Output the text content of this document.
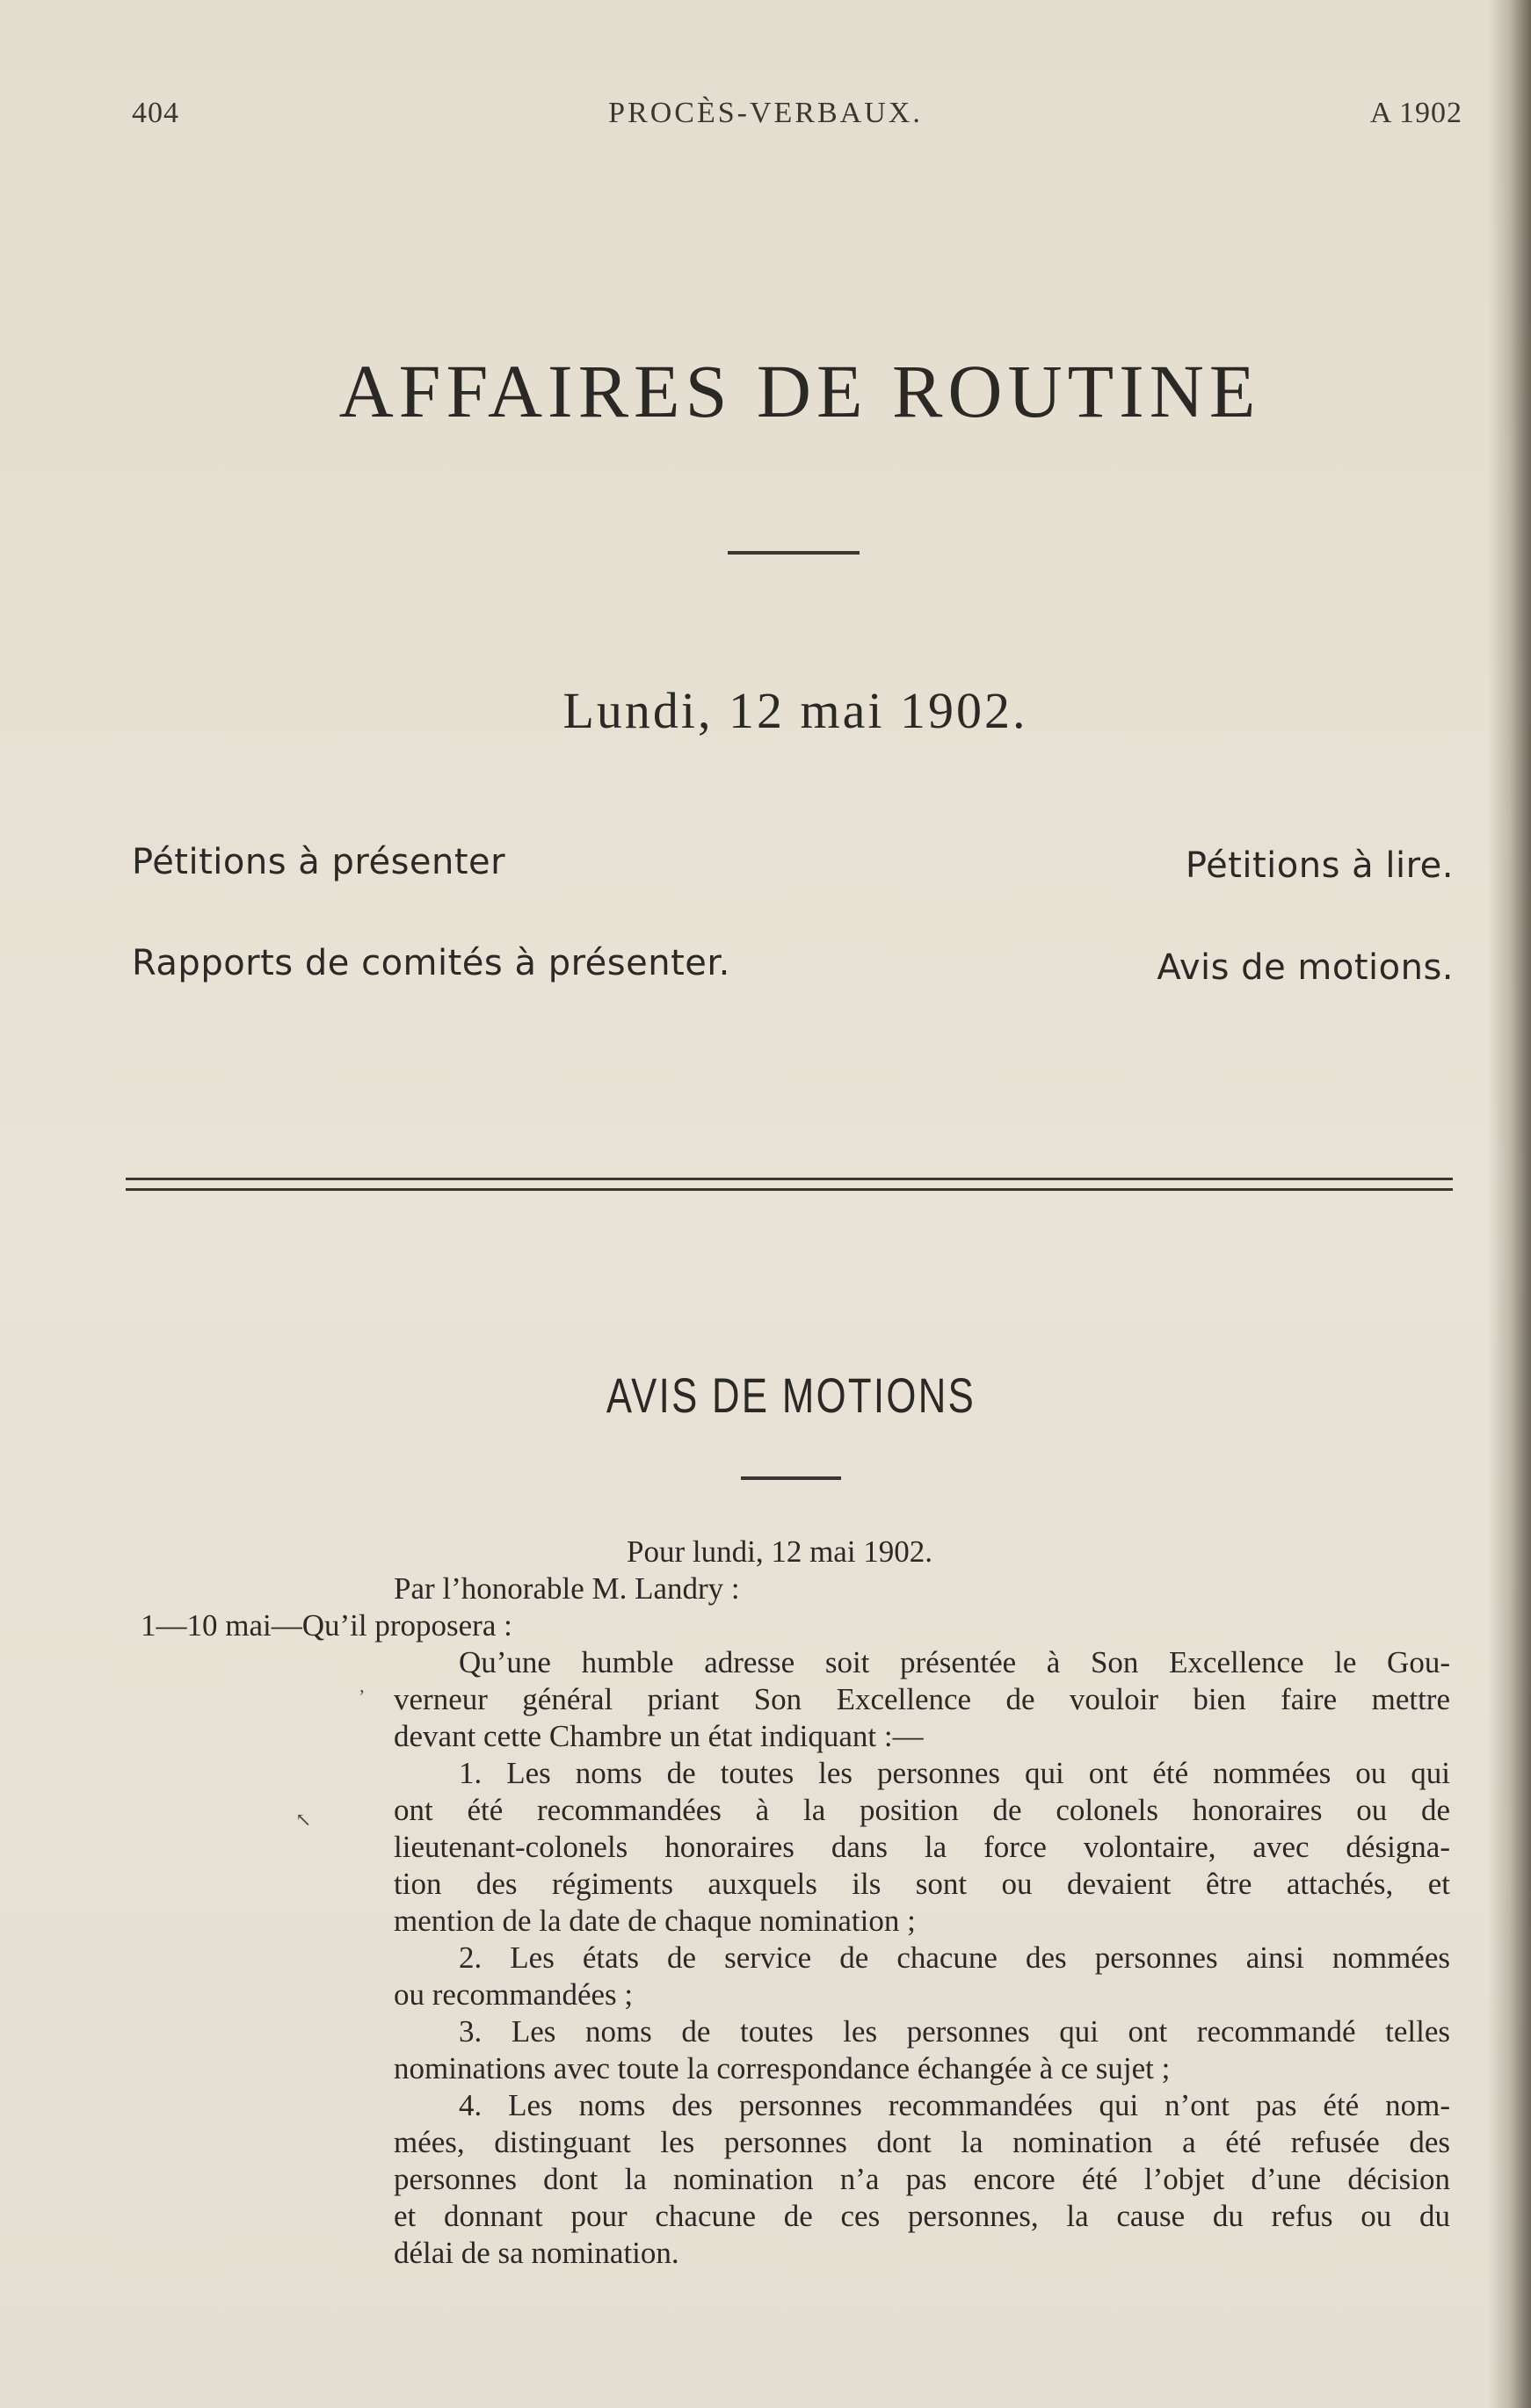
404	PROCÈS-VERBAUX.	A 1902
AFFAIRES DE ROUTINE
Lundi, 12 mai 1902.
Pétitions à présenter
Rapports de comités à présenter.
Pétitions à lire.
Avis de motions.
AVIS DE MOTIONS
Pour lundi, 12 mai 1902.
Par l’honorable M. Landry :
1—10 mai—Qu’il proposera :
Qu’une humble adresse soit présentée à Son Excellence le Gou-
verneur général priant Son Excellence de vouloir bien faire mettre
devant cette Chambre un état indiquant :—
1. Les noms de toutes les personnes qui ont été nommées ou qui
ont été recommandées à la position de colonels honoraires ou de
lieutenant-colonels honoraires dans la force volontaire, avec désigna-
tion des régiments auxquels ils sont ou devaient être attachés, et
mention de la date de chaque nomination ;
2. Les états de service de chacune des personnes ainsi nommées
ou recommandées ;
3. Les noms de toutes les personnes qui ont recommandé telles
nominations avec toute la correspondance échangée à ce sujet ;
4. Les noms des personnes recommandées qui n’ont pas été nom-
mées, distinguant les personnes dont la nomination a été refusée des
personnes dont la nomination n’a pas encore été l’objet d’une décision
et donnant pour chacune de ces personnes, la cause du refus ou du
délai de sa nomination.
ʼ
↖
